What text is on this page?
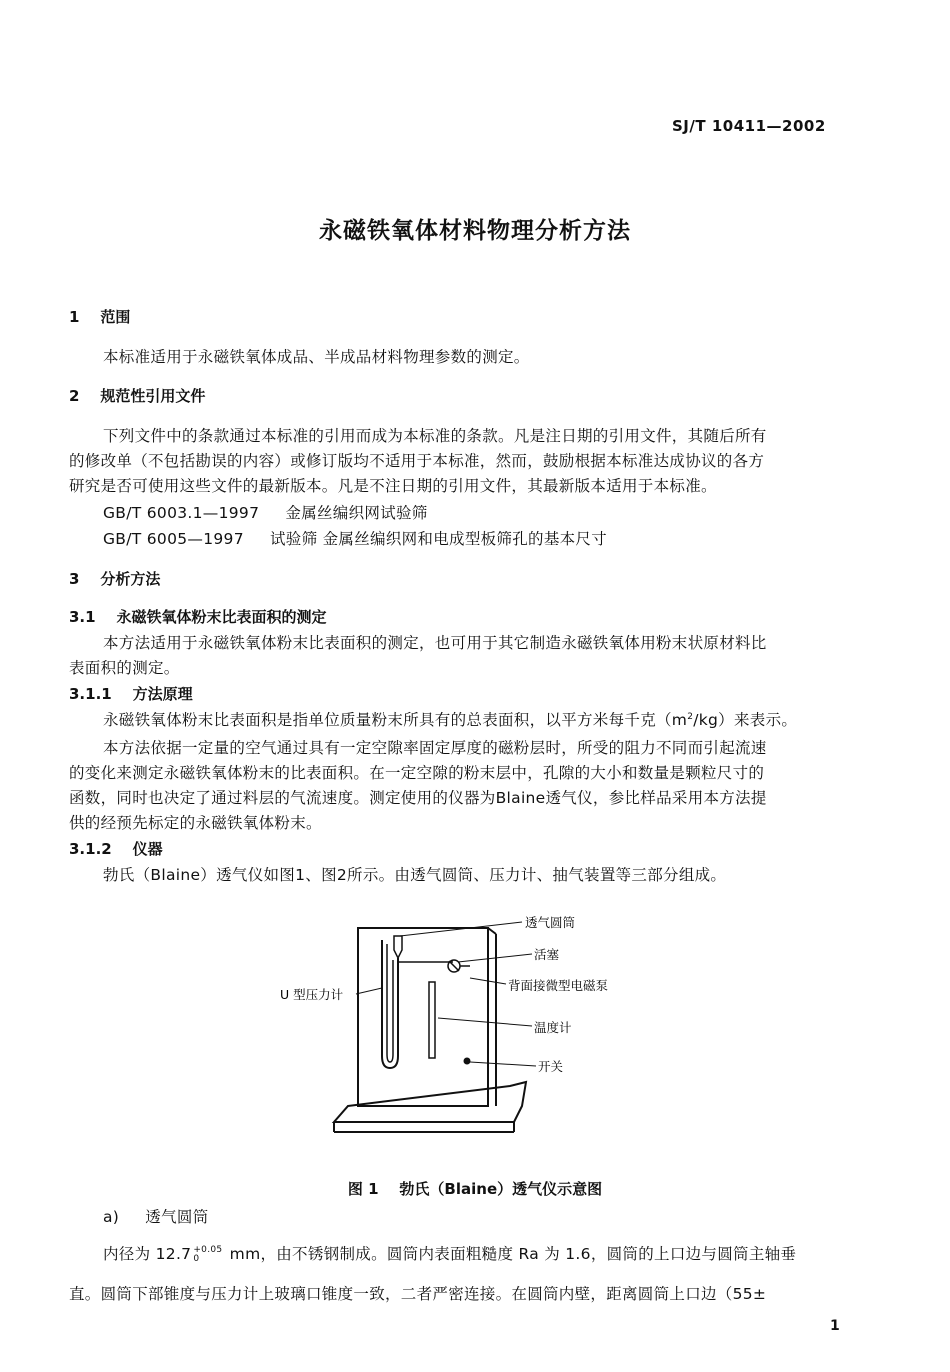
SJ/T 10411—2002
永磁铁氧体材料物理分析方法
1 范围
本标准适用于永磁铁氧体成品、半成品材料物理参数的测定。
2 规范性引用文件
下列文件中的条款通过本标准的引用而成为本标准的条款。凡是注日期的引用文件，其随后所有
的修改单（不包括勘误的内容）或修订版均不适用于本标准，然而，鼓励根据本标准达成协议的各方
研究是否可使用这些文件的最新版本。凡是不注日期的引用文件，其最新版本适用于本标准。
GB/T 6003.1—1997 金属丝编织网试验筛
GB/T 6005—1997 试验筛 金属丝编织网和电成型板筛孔的基本尺寸
3 分析方法
3.1 永磁铁氧体粉末比表面积的测定
本方法适用于永磁铁氧体粉末比表面积的测定，也可用于其它制造永磁铁氧体用粉末状原材料比
表面积的测定。
3.1.1 方法原理
永磁铁氧体粉末比表面积是指单位质量粉末所具有的总表面积，以平方米每千克$(m^2/kg)$来表示。
本方法依据一定量的空气通过具有一定空隙率固定厚度的磁粉层时，所受的阻力不同而引起流速
的变化来测定永磁铁氧体粉末的比表面积。在一定空隙的粉末层中，孔隙的大小和数量是颗粒尺寸的
函数，同时也决定了通过料层的气流速度。测定使用的仪器为Blaine透气仪，参比样品采用本方法提
供的经预先标定的永磁铁氧体粉末。
3.1.2 仪器
勃氏（Blaine）透气仪如图1、图2所示。由透气圆筒、压力计、抽气装置等三部分组成。
透气圆筒
活塞
背面接微型电磁泵
U 型压力计
温度计
开关
图 1 勃氏（Blaine）透气仪示意图
a) 透气圆筒
内径为 12.7 +0.05
0 mm，由不锈钢制成。圆筒内表面粗糙度 Ra 为 1.6，圆筒的上口边与圆筒主轴垂
直。圆筒下部锥度与压力计上玻璃口锥度一致，二者严密连接。在圆筒内壁，距离圆筒上口边（55±
1
